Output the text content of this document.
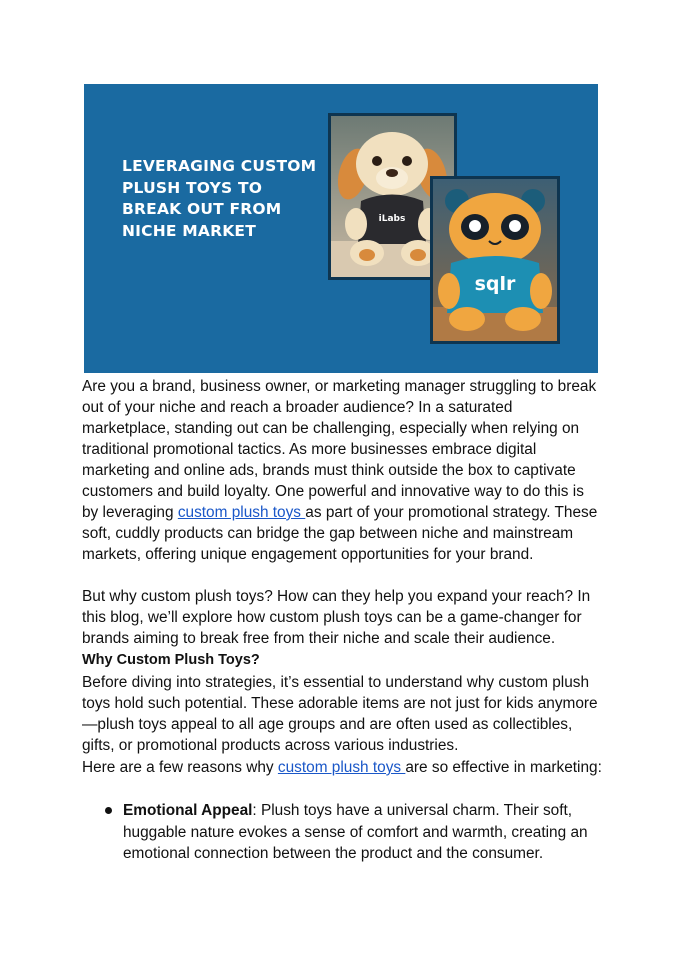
LEVERAGING CUSTOM PLUSH TOYS TO BREAK OUT FROM NICHE MARKET
iLabs
sqlr
Are you a brand, business owner, or marketing manager struggling to break out of your niche and reach a broader audience? In a saturated marketplace, standing out can be challenging, especially when relying on traditional promotional tactics. As more businesses embrace digital marketing and online ads, brands must think outside the box to captivate customers and build loyalty. One powerful and innovative way to do this is by leveraging custom plush toys as part of your promotional strategy. These soft, cuddly products can bridge the gap between niche and mainstream markets, offering unique engagement opportunities for your brand.
But why custom plush toys? How can they help you expand your reach? In this blog, we’ll explore how custom plush toys can be a game-changer for brands aiming to break free from their niche and scale their audience.
Why Custom Plush Toys?
Before diving into strategies, it’s essential to understand why custom plush toys hold such potential. These adorable items are not just for kids anymore—plush toys appeal to all age groups and are often used as collectibles, gifts, or promotional products across various industries.
Here are a few reasons why custom plush toys are so effective in marketing:
Emotional Appeal: Plush toys have a universal charm. Their soft, huggable nature evokes a sense of comfort and warmth, creating an emotional connection between the product and the consumer.
